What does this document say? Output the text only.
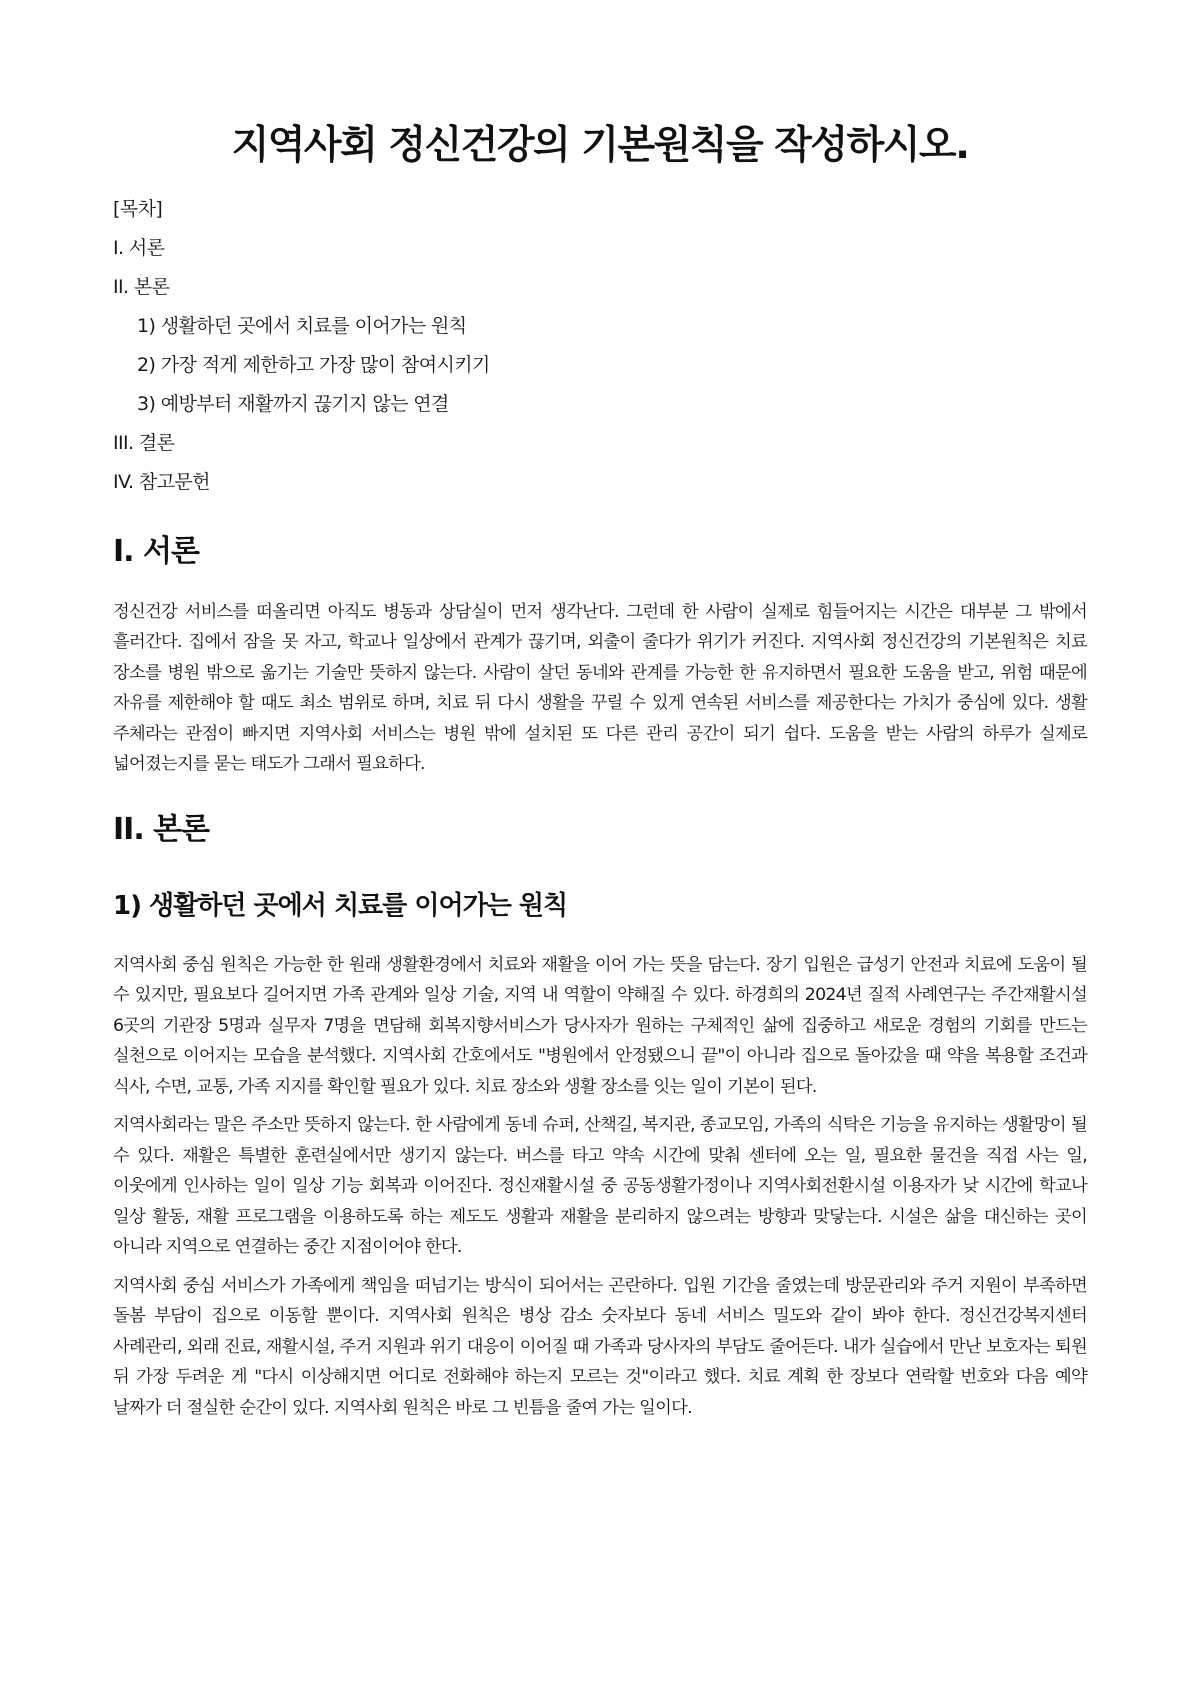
지역사회 정신건강의 기본원칙을 작성하시오.
[목차]
I. 서론
II. 본론
1) 생활하던 곳에서 치료를 이어가는 원칙
2) 가장 적게 제한하고 가장 많이 참여시키기
3) 예방부터 재활까지 끊기지 않는 연결
III. 결론
IV. 참고문헌
I. 서론

정신건강 서비스를 떠올리면 아직도 병동과 상담실이 먼저 생각난다. 그런데 한 사람이 실제로 힘들어지는 시간은 대부분 그 밖에서 흘러간다. 집에서 잠을 못 자고, 학교나 일상에서 관계가 끊기며, 외출이 줄다가 위기가 커진다. 지역사회 정신건강의 기본원칙은 치료 장소를 병원 밖으로 옮기는 기술만 뜻하지 않는다. 사람이 살던 동네와 관계를 가능한 한 유지하면서 필요한 도움을 받고, 위험 때문에 자유를 제한해야 할 때도 최소 범위로 하며, 치료 뒤 다시 생활을 꾸릴 수 있게 연속된 서비스를 제공한다는 가치가 중심에 있다. 생활 주체라는 관점이 빠지면 지역사회 서비스는 병원 밖에 설치된 또 다른 관리 공간이 되기 쉽다. 도움을 받는 사람의 하루가 실제로 넓어졌는지를 묻는 태도가 그래서 필요하다.

II. 본론
1) 생활하던 곳에서 치료를 이어가는 원칙

지역사회 중심 원칙은 가능한 한 원래 생활환경에서 치료와 재활을 이어 가는 뜻을 담는다. 장기 입원은 급성기 안전과 치료에 도움이 될 수 있지만, 필요보다 길어지면 가족 관계와 일상 기술, 지역 내 역할이 약해질 수 있다. 하경희의 2024년 질적 사례연구는 주간재활시설 6곳의 기관장 5명과 실무자 7명을 면담해 회복지향서비스가 당사자가 원하는 구체적인 삶에 집중하고 새로운 경험의 기회를 만드는 실천으로 이어지는 모습을 분석했다. 지역사회 간호에서도 "병원에서 안정됐으니 끝"이 아니라 집으로 돌아갔을 때 약을 복용할 조건과 식사, 수면, 교통, 가족 지지를 확인할 필요가 있다. 치료 장소와 생활 장소를 잇는 일이 기본이 된다.

지역사회라는 말은 주소만 뜻하지 않는다. 한 사람에게 동네 슈퍼, 산책길, 복지관, 종교모임, 가족의 식탁은 기능을 유지하는 생활망이 될 수 있다. 재활은 특별한 훈련실에서만 생기지 않는다. 버스를 타고 약속 시간에 맞춰 센터에 오는 일, 필요한 물건을 직접 사는 일, 이웃에게 인사하는 일이 일상 기능 회복과 이어진다. 정신재활시설 중 공동생활가정이나 지역사회전환시설 이용자가 낮 시간에 학교나 일상 활동, 재활 프로그램을 이용하도록 하는 제도도 생활과 재활을 분리하지 않으려는 방향과 맞닿는다. 시설은 삶을 대신하는 곳이 아니라 지역으로 연결하는 중간 지점이어야 한다.

지역사회 중심 서비스가 가족에게 책임을 떠넘기는 방식이 되어서는 곤란하다. 입원 기간을 줄였는데 방문관리와 주거 지원이 부족하면 돌봄 부담이 집으로 이동할 뿐이다. 지역사회 원칙은 병상 감소 숫자보다 동네 서비스 밀도와 같이 봐야 한다. 정신건강복지센터 사례관리, 외래 진료, 재활시설, 주거 지원과 위기 대응이 이어질 때 가족과 당사자의 부담도 줄어든다. 내가 실습에서 만난 보호자는 퇴원 뒤 가장 두려운 게 "다시 이상해지면 어디로 전화해야 하는지 모르는 것"이라고 했다. 치료 계획 한 장보다 연락할 번호와 다음 예약 날짜가 더 절실한 순간이 있다. 지역사회 원칙은 바로 그 빈틈을 줄여 가는 일이다.
